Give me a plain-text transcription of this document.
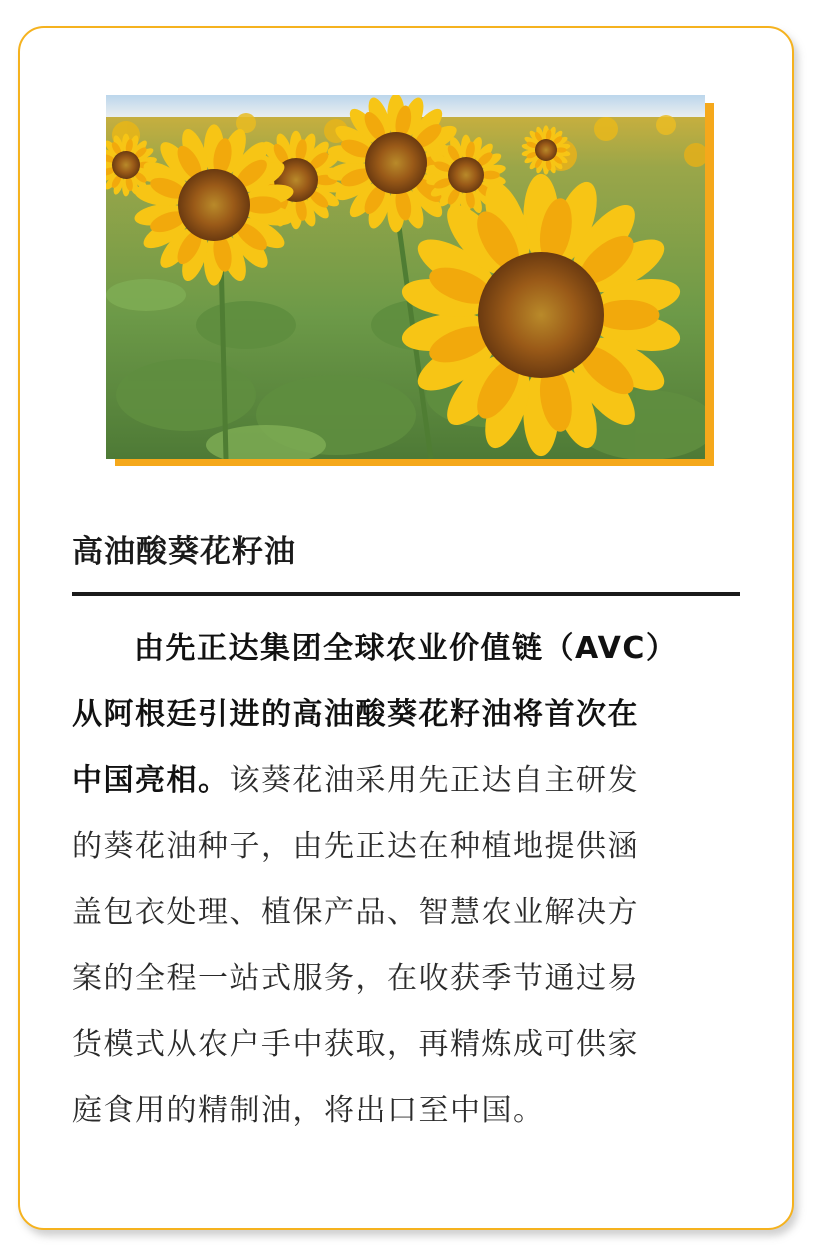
高油酸葵花籽油
由先正达集团全球农业价值链（AVC）
从阿根廷引进的高油酸葵花籽油将首次在
中国亮相。该葵花油采用先正达自主研发
的葵花油种子，由先正达在种植地提供涵
盖包衣处理、植保产品、智慧农业解决方
案的全程一站式服务，在收获季节通过易
货模式从农户手中获取，再精炼成可供家
庭食用的精制油，将出口至中国。
